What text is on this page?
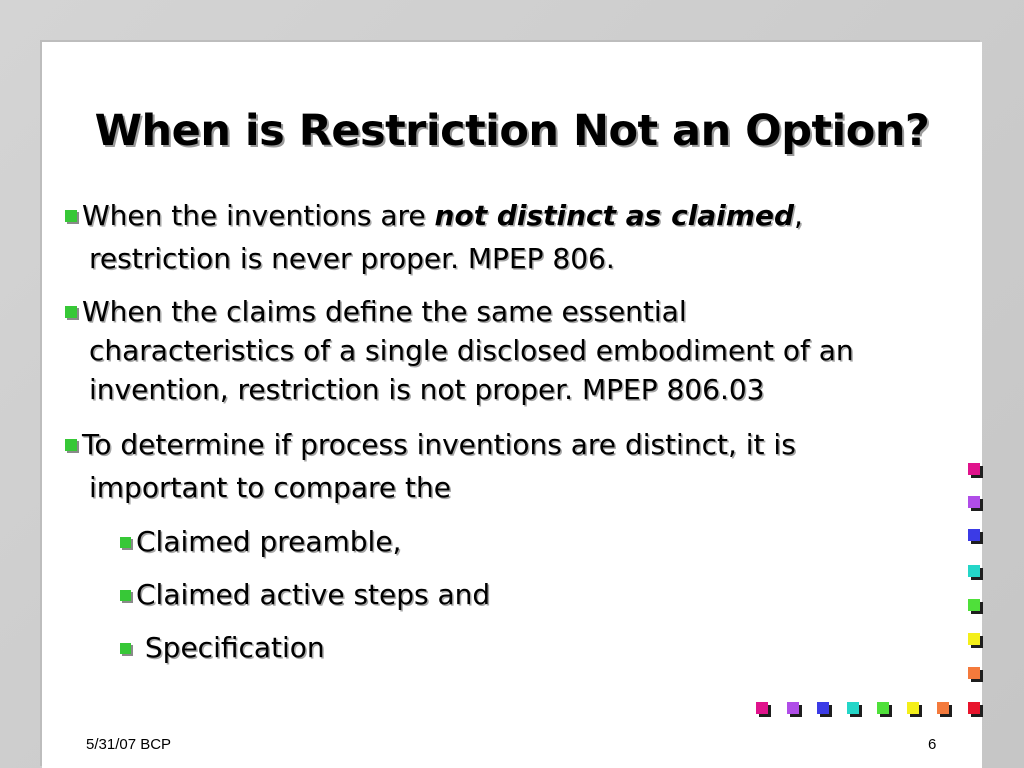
When is Restriction Not an Option?
When the inventions are not distinct as claimed,
restriction is never proper. MPEP 806.
When the claims define the same essential
characteristics of a single disclosed embodiment of an
invention, restriction is not proper. MPEP 806.03
To determine if process inventions are distinct, it is
important to compare the
Claimed preamble,
Claimed active steps and
Specification
5/31/07 BCP	6
